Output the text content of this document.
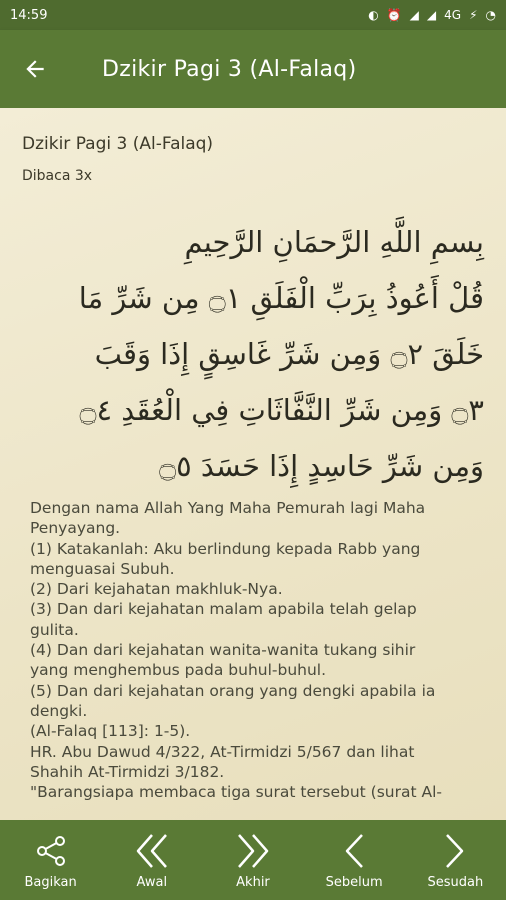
14:59	◐ ⏰ ◢ ◢ 4G ⚡ ◔
Dzikir Pagi 3 (Al-Falaq)
Dzikir Pagi 3 (Al-Falaq)
Dibaca 3x
بِسمِ اللَّهِ الرَّحمَانِ الرَّحِيمِ
قُلْ أَعُوذُ بِرَبِّ الْفَلَقِ ۝١ مِن شَرِّ مَا
خَلَقَ ۝٢ وَمِن شَرِّ غَاسِقٍ إِذَا وَقَبَ
۝٣ وَمِن شَرِّ النَّفَّاثَاتِ فِي الْعُقَدِ ۝٤
وَمِن شَرِّ حَاسِدٍ إِذَا حَسَدَ ۝٥
Dengan nama Allah Yang Maha Pemurah lagi Maha
Penyayang.
(1) Katakanlah: Aku berlindung kepada Rabb yang
menguasai Subuh.
(2) Dari kejahatan makhluk-Nya.
(3) Dan dari kejahatan malam apabila telah gelap
gulita.
(4) Dan dari kejahatan wanita-wanita tukang sihir
yang menghembus pada buhul-buhul.
(5) Dan dari kejahatan orang yang dengki apabila ia
dengki.
(Al-Falaq [113]: 1-5).
HR. Abu Dawud 4/322, At-Tirmidzi 5/567 dan lihat
Shahih At-Tirmidzi 3/182.
"Barangsiapa membaca tiga surat tersebut (surat Al-
Bagikan	Awal	Akhir	Sebelum	Sesudah
